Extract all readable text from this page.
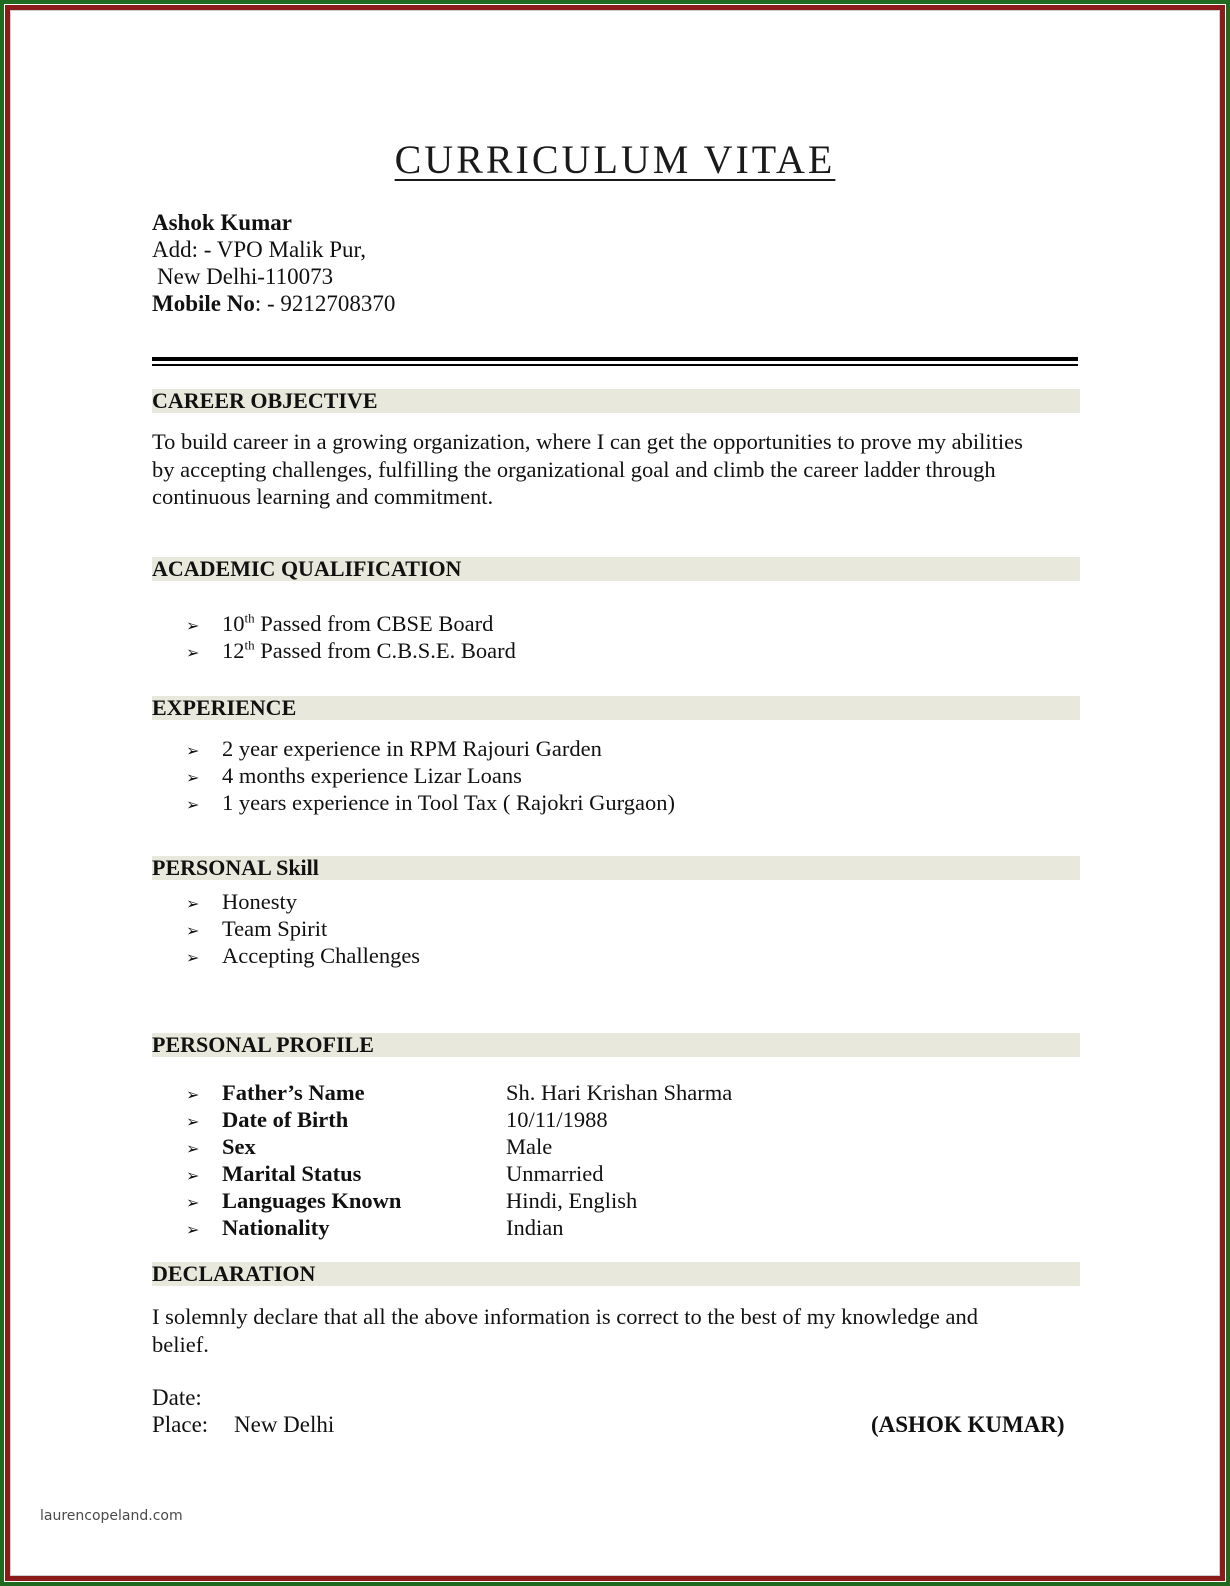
CURRICULUM VITAE
Ashok Kumar
Add: - VPO Malik Pur,
New Delhi-110073
Mobile No: - 9212708370
CAREER OBJECTIVE
To build career in a growing organization, where I can get the opportunities to prove my abilities
by accepting challenges, fulfilling the organizational goal and climb the career ladder through
continuous learning and commitment.
ACADEMIC QUALIFICATION
➢ 10th Passed from CBSE Board
➢ 12th Passed from C.B.S.E. Board
EXPERIENCE
➢ 2 year experience in RPM Rajouri Garden
➢ 4 months experience Lizar Loans
➢ 1 years experience in Tool Tax ( Rajokri Gurgaon)
PERSONAL Skill
➢ Honesty
➢ Team Spirit
➢ Accepting Challenges
PERSONAL PROFILE
➢ Father’s Name	Sh. Hari Krishan Sharma
➢ Date of Birth	10/11/1988
➢ Sex	Male
➢ Marital Status	Unmarried
➢ Languages Known	Hindi, English
➢ Nationality	Indian
DECLARATION
I solemnly declare that all the above information is correct to the best of my knowledge and
belief.
Date:
Place: New Delhi	(ASHOK KUMAR)
laurencopeland.com
